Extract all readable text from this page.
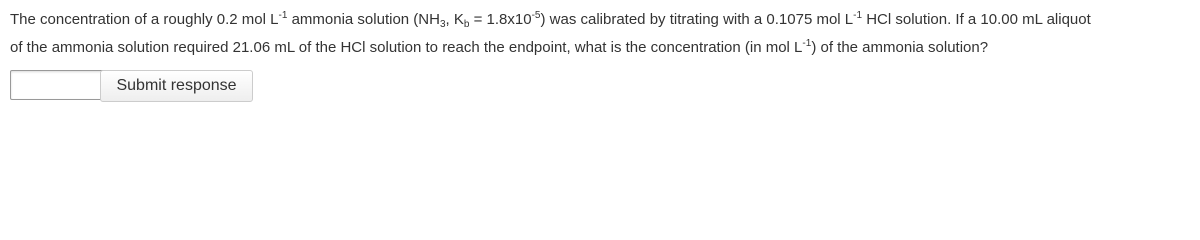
The concentration of a roughly 0.2 mol $L^{-1}$ ammonia solution ($NH_3$, $K_b = 1.8x10^{-5}$) was calibrated by titrating with a 0.1075 mol $L^{-1}$ HCl solution. If a 10.00 mL aliquot
of the ammonia solution required 21.06 mL of the HCl solution to reach the endpoint, what is the concentration (in mol $L^{-1}$) of the ammonia solution?
Submit response
